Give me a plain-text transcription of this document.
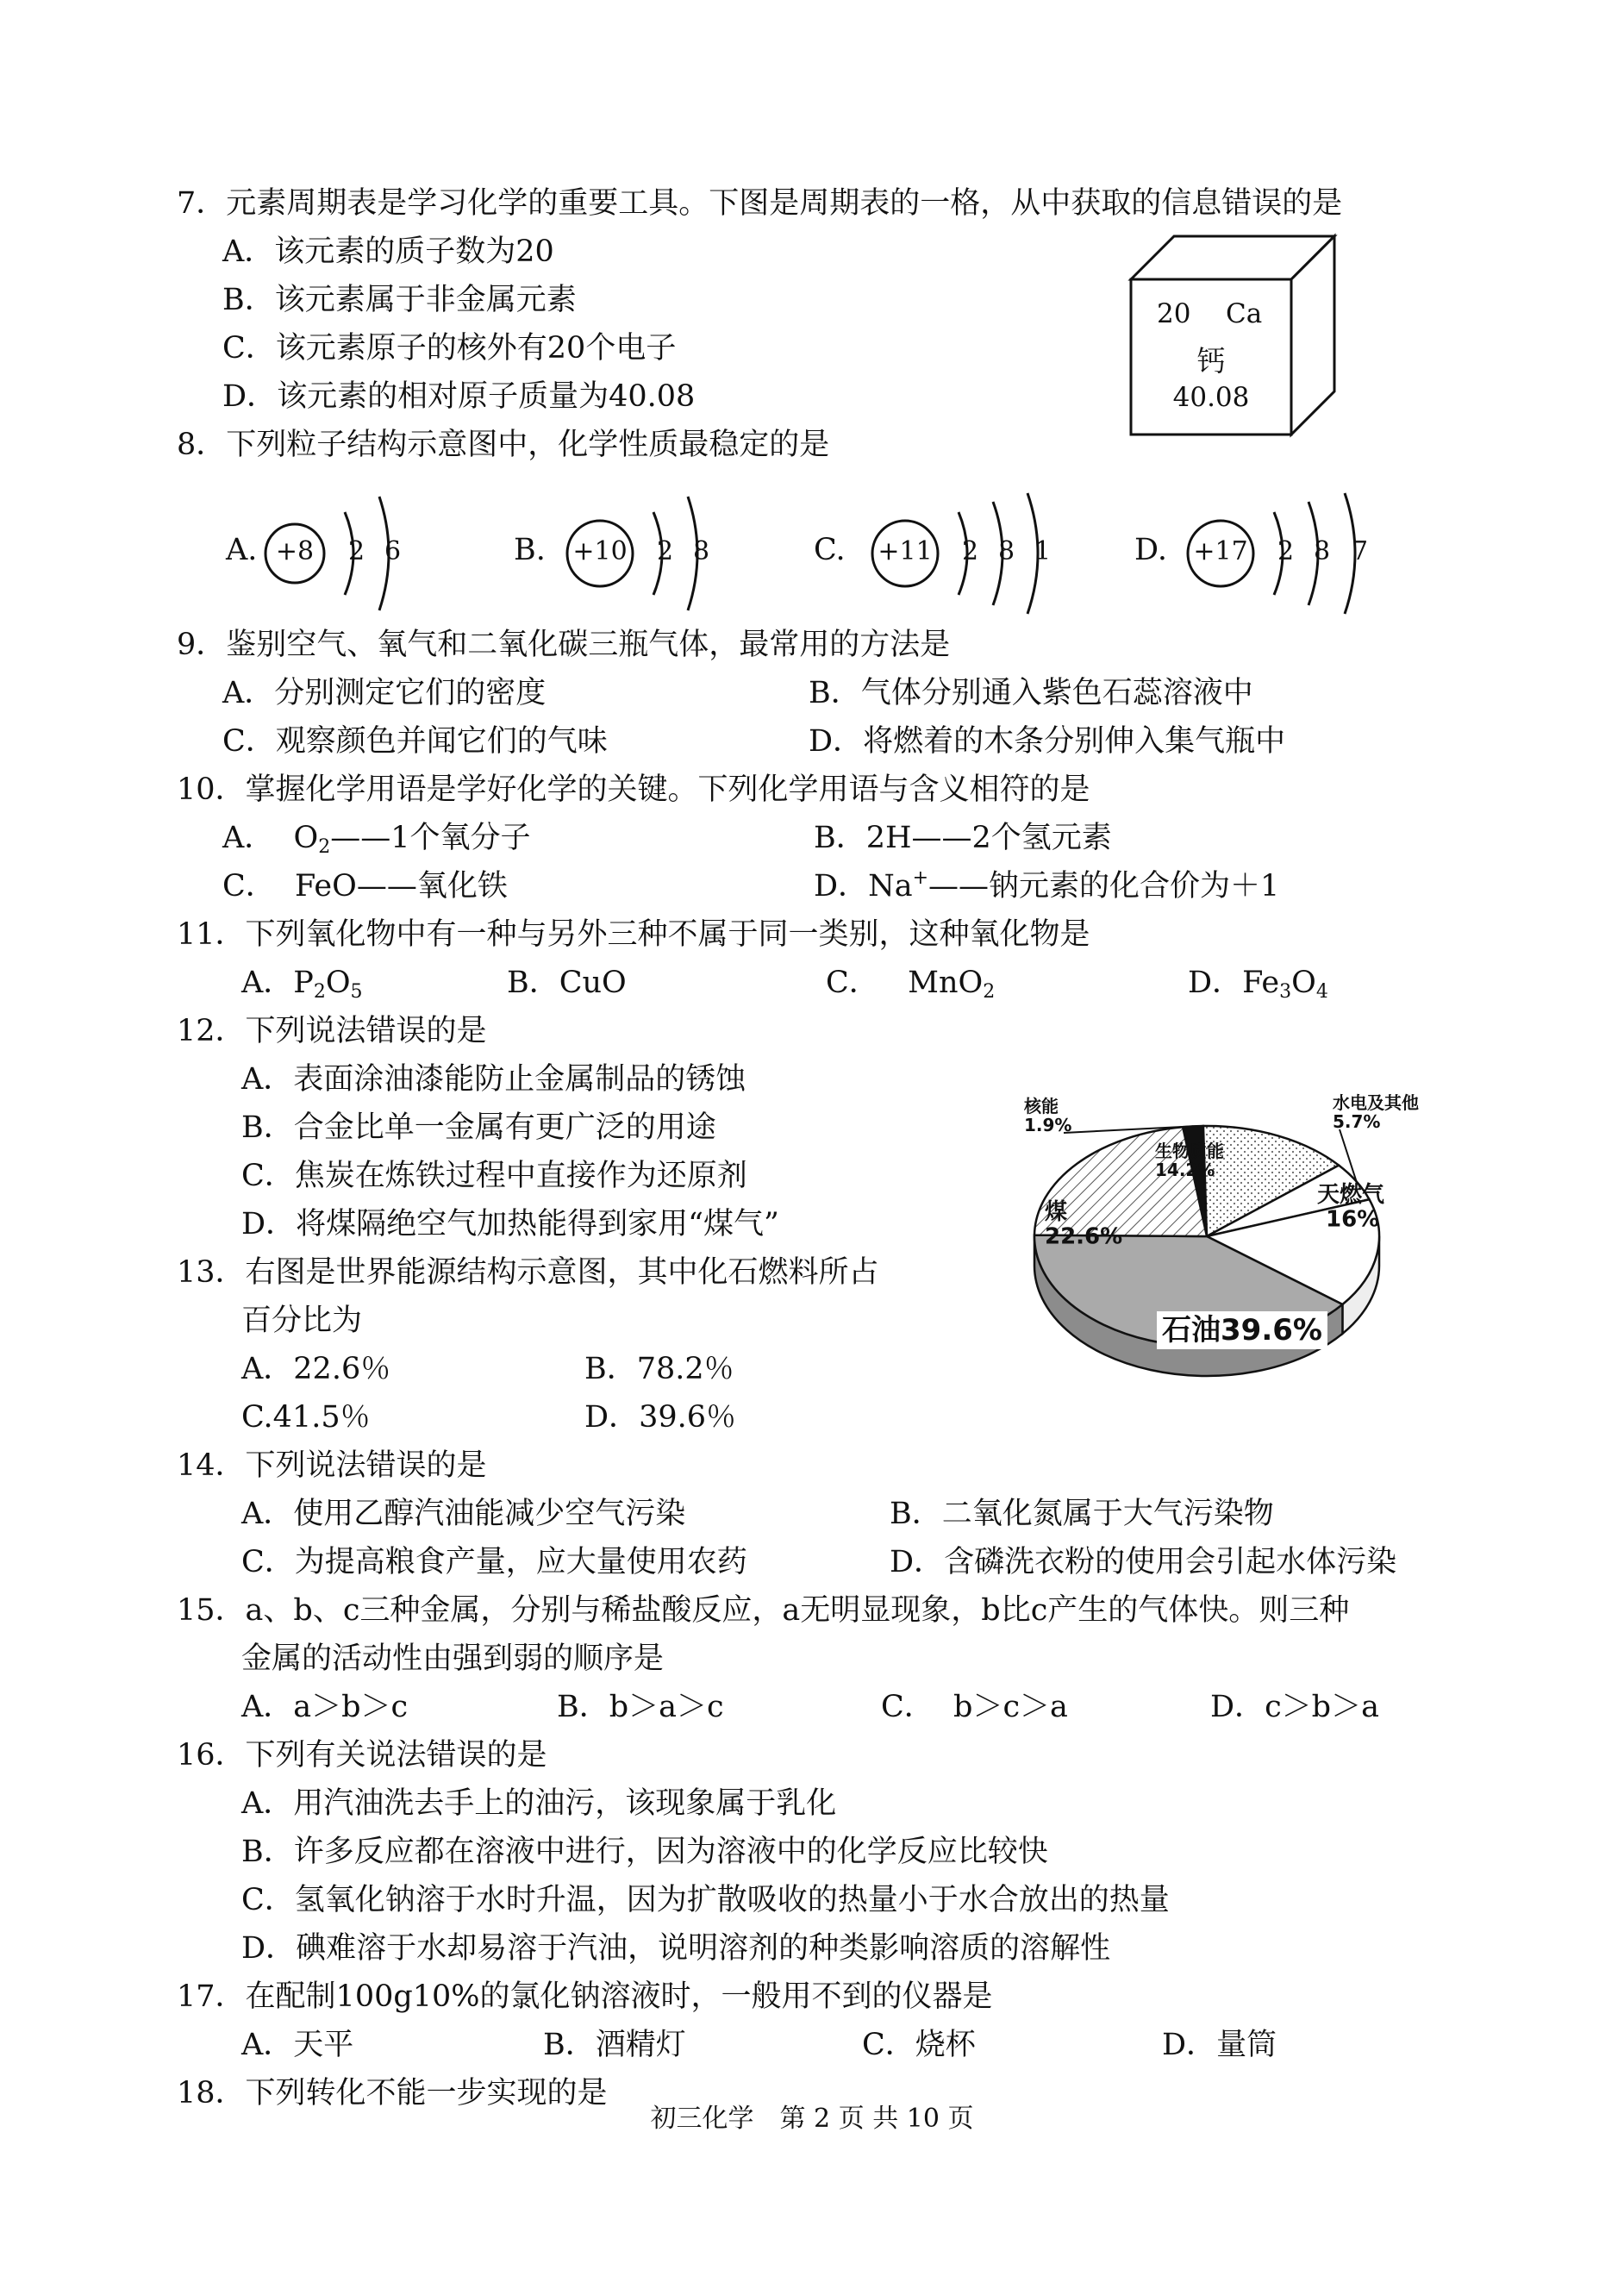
7．元素周期表是学习化学的重要工具。下图是周期表的一格，从中获取的信息错误的是
A．该元素的质子数为20
B．该元素属于非金属元素
C．该元素原子的核外有20个电子
D．该元素的相对原子质量为40.08
20 Ca
钙
40.08
8．下列粒子结构示意图中，化学性质最稳定的是
A. +8	2 6	B. +10 2 8	C. +11 2 8 1	D. +17 2 8 7
9．鉴别空气、氧气和二氧化碳三瓶气体，最常用的方法是
A．分别测定它们的密度	B．气体分别通入紫色石蕊溶液中
C．观察颜色并闻它们的气味	D．将燃着的木条分别伸入集气瓶中
10．掌握化学用语是学好化学的关键。下列化学用语与含义相符的是
A． $O_2——1$个氧分子	B．2H——2个氢元素
C． FeO——氧化铁	D．Na+——钠元素的化合价为＋1
11．下列氧化物中有一种与另外三种不属于同一类别，这种氧化物是
A．$P_2O_5$	B．CuO	C． MnO$_2$	D．$Fe_3O_4$
12．下列说法错误的是
A．表面涂油漆能防止金属制品的锈蚀
B．合金比单一金属有更广泛的用途
C．焦炭在炼铁过程中直接作为还原剂
D．将煤隔绝空气加热能得到家用“煤气”
核能 1.9%
生物质能 14.2%
水电及其他 5.7%
天燃气 16%
石油39.6%
煤 22.6%
13．右图是世界能源结构示意图，其中化石燃料所占
百分比为
A．22.6％	B．78.2％
C.41.5％	D．39.6％
14．下列说法错误的是
A．使用乙醇汽油能减少空气污染	B．二氧化氮属于大气污染物
C．为提高粮食产量，应大量使用农药	D．含磷洗衣粉的使用会引起水体污染
15．a、b、c三种金属，分别与稀盐酸反应，a无明显现象，b比c产生的气体快。则三种
金属的活动性由强到弱的顺序是
A．a＞b＞c	B．b＞a＞c	C． b＞c＞a	D．c＞b＞a
16．下列有关说法错误的是
A．用汽油洗去手上的油污，该现象属于乳化
B．许多反应都在溶液中进行，因为溶液中的化学反应比较快
C．氢氧化钠溶于水时升温，因为扩散吸收的热量小于水合放出的热量
D．碘难溶于水却易溶于汽油，说明溶剂的种类影响溶质的溶解性
17．在配制100g10%的氯化钠溶液时，一般用不到的仪器是
A．天平	B．酒精灯	C．烧杯	D．量筒
18．下列转化不能一步实现的是
初三化学　第 2 页 共 10 页
